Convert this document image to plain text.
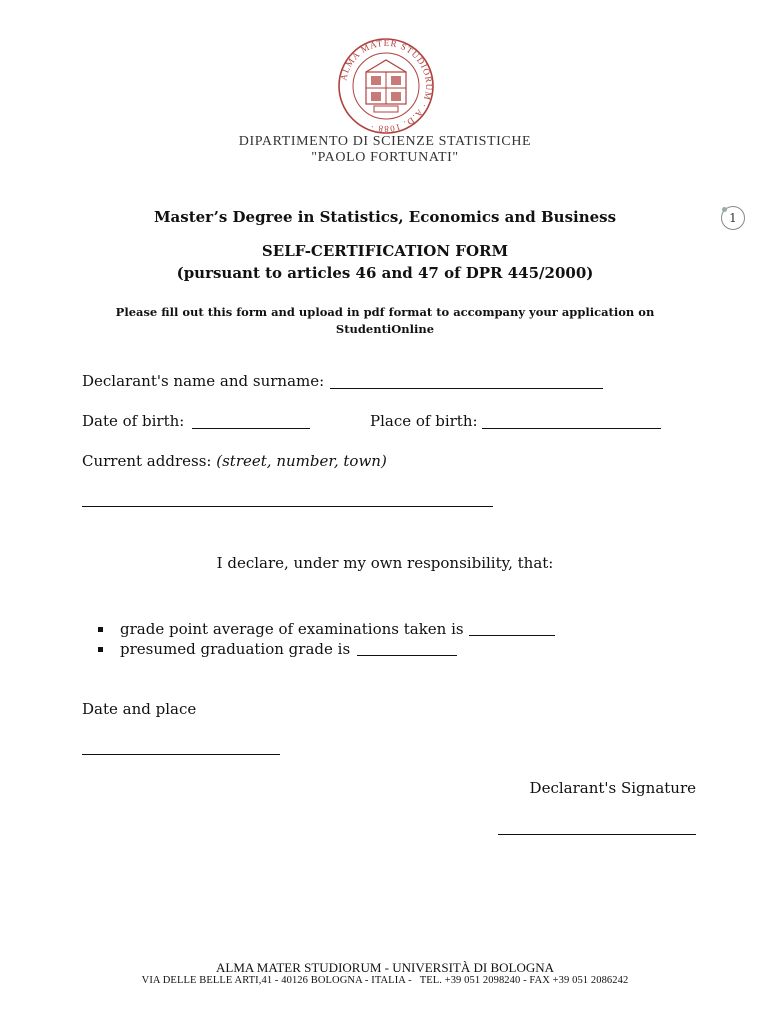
ALMA MATER STUDIORUM · A.D. 1088 ·
DIPARTIMENTO DI SCIENZE STATISTICHE
"PAOLO FORTUNATI"
1
Master’s Degree in Statistics, Economics and Business
SELF-CERTIFICATION FORM
(pursuant to articles 46 and 47 of DPR 445/2000)
Please fill out this form and upload in pdf format to accompany your application on
StudentiOnline
Declarant's name and surname:
Date of birth:	Place of birth:
Current address: (street, number, town)
I declare, under my own responsibility, that:
grade point average of examinations taken is
presumed graduation grade is
Date and place
Declarant's Signature
ALMA MATER STUDIORUM - UNIVERSITÀ DI BOLOGNA
VIA DELLE BELLE ARTI,41 - 40126 BOLOGNA - ITALIA -   TEL. +39 051 2098240 - FAX +39 051 2086242
